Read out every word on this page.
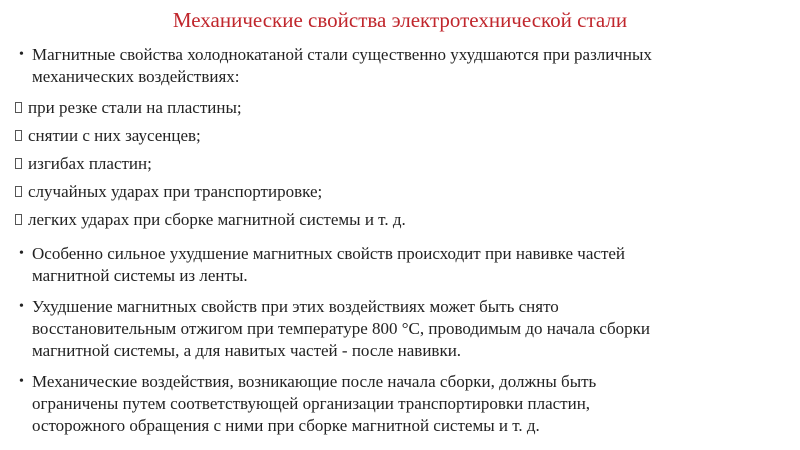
Механические свойства электротехнической стали
• Магнитные свойства холоднокатаной стали существенно ухудшаются при различных
механических воздействиях:
при резке стали на пластины;
снятии с них заусенцев;
изгибах пластин;
случайных ударах при транспортировке;
легких ударах при сборке магнитной системы и т. д.
• Особенно сильное ухудшение магнитных свойств происходит при навивке частей
магнитной системы из ленты.
• Ухудшение магнитных свойств при этих воздействиях может быть снято
восстановительным отжигом при температуре 800 °С, проводимым до начала сборки
магнитной системы, а для навитых частей - после навивки.
• Механические воздействия, возникающие после начала сборки, должны быть
ограничены путем соответствующей организации транспортировки пластин,
осторожного обращения с ними при сборке магнитной системы и т. д.
